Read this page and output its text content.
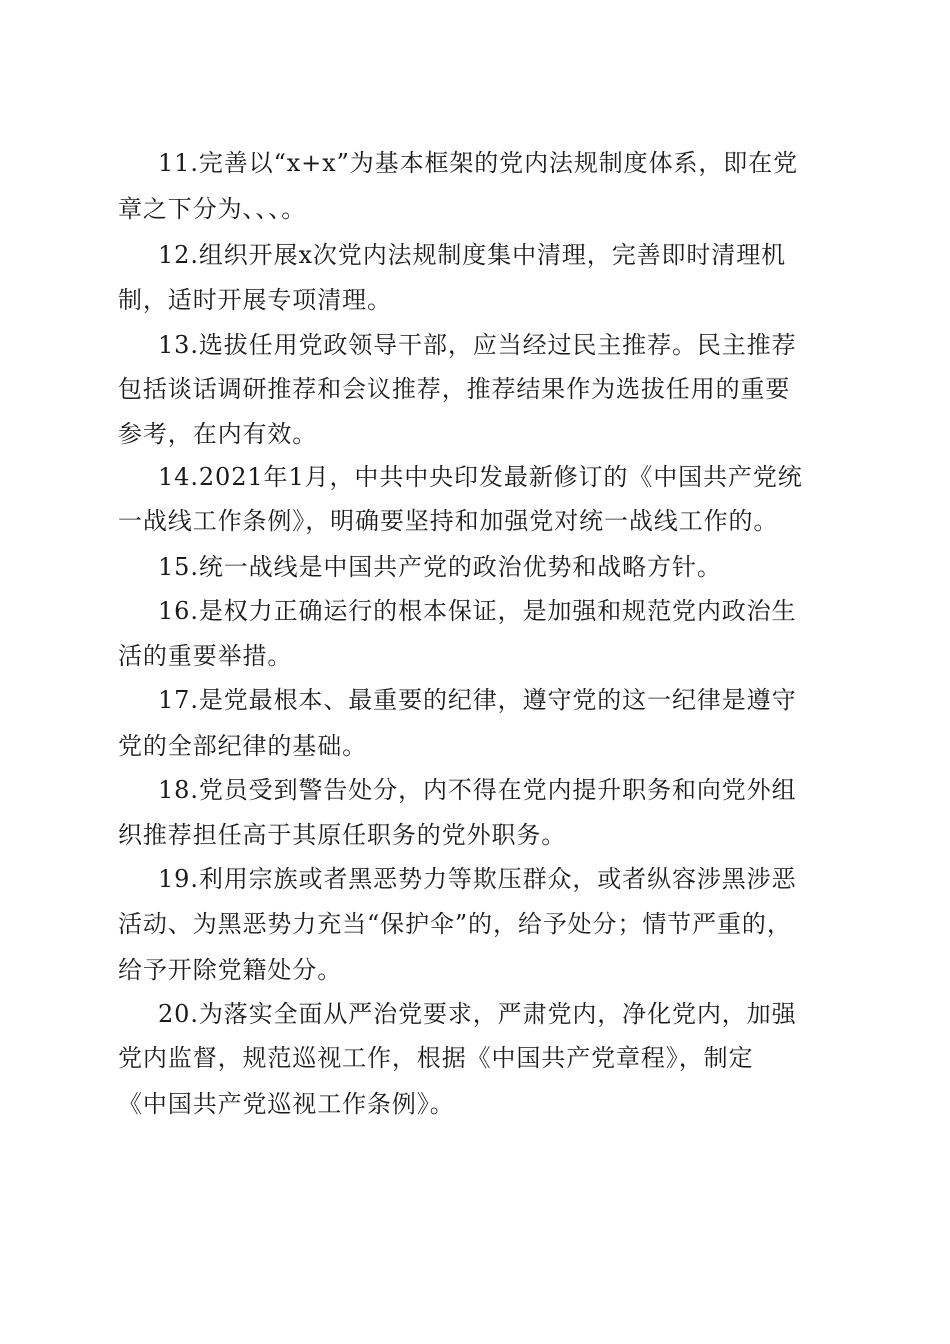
11.完善以“x+x”为基本框架的党内法规制度体系，即在党
章之下分为、、、。
12.组织开展x次党内法规制度集中清理，完善即时清理机
制，适时开展专项清理。
13.选拔任用党政领导干部，应当经过民主推荐。民主推荐
包括谈话调研推荐和会议推荐，推荐结果作为选拔任用的重要
参考，在内有效。
14.2021年1月，中共中央印发最新修订的《中国共产党统
一战线工作条例》，明确要坚持和加强党对统一战线工作的。
15.统一战线是中国共产党的政治优势和战略方针。
16.是权力正确运行的根本保证，是加强和规范党内政治生
活的重要举措。
17.是党最根本、最重要的纪律，遵守党的这一纪律是遵守
党的全部纪律的基础。
18.党员受到警告处分，内不得在党内提升职务和向党外组
织推荐担任高于其原任职务的党外职务。
19.利用宗族或者黑恶势力等欺压群众，或者纵容涉黑涉恶
活动、为黑恶势力充当“保护伞”的，给予处分；情节严重的，
给予开除党籍处分。
20.为落实全面从严治党要求，严肃党内，净化党内，加强
党内监督，规范巡视工作，根据《中国共产党章程》，制定
《中国共产党巡视工作条例》。
